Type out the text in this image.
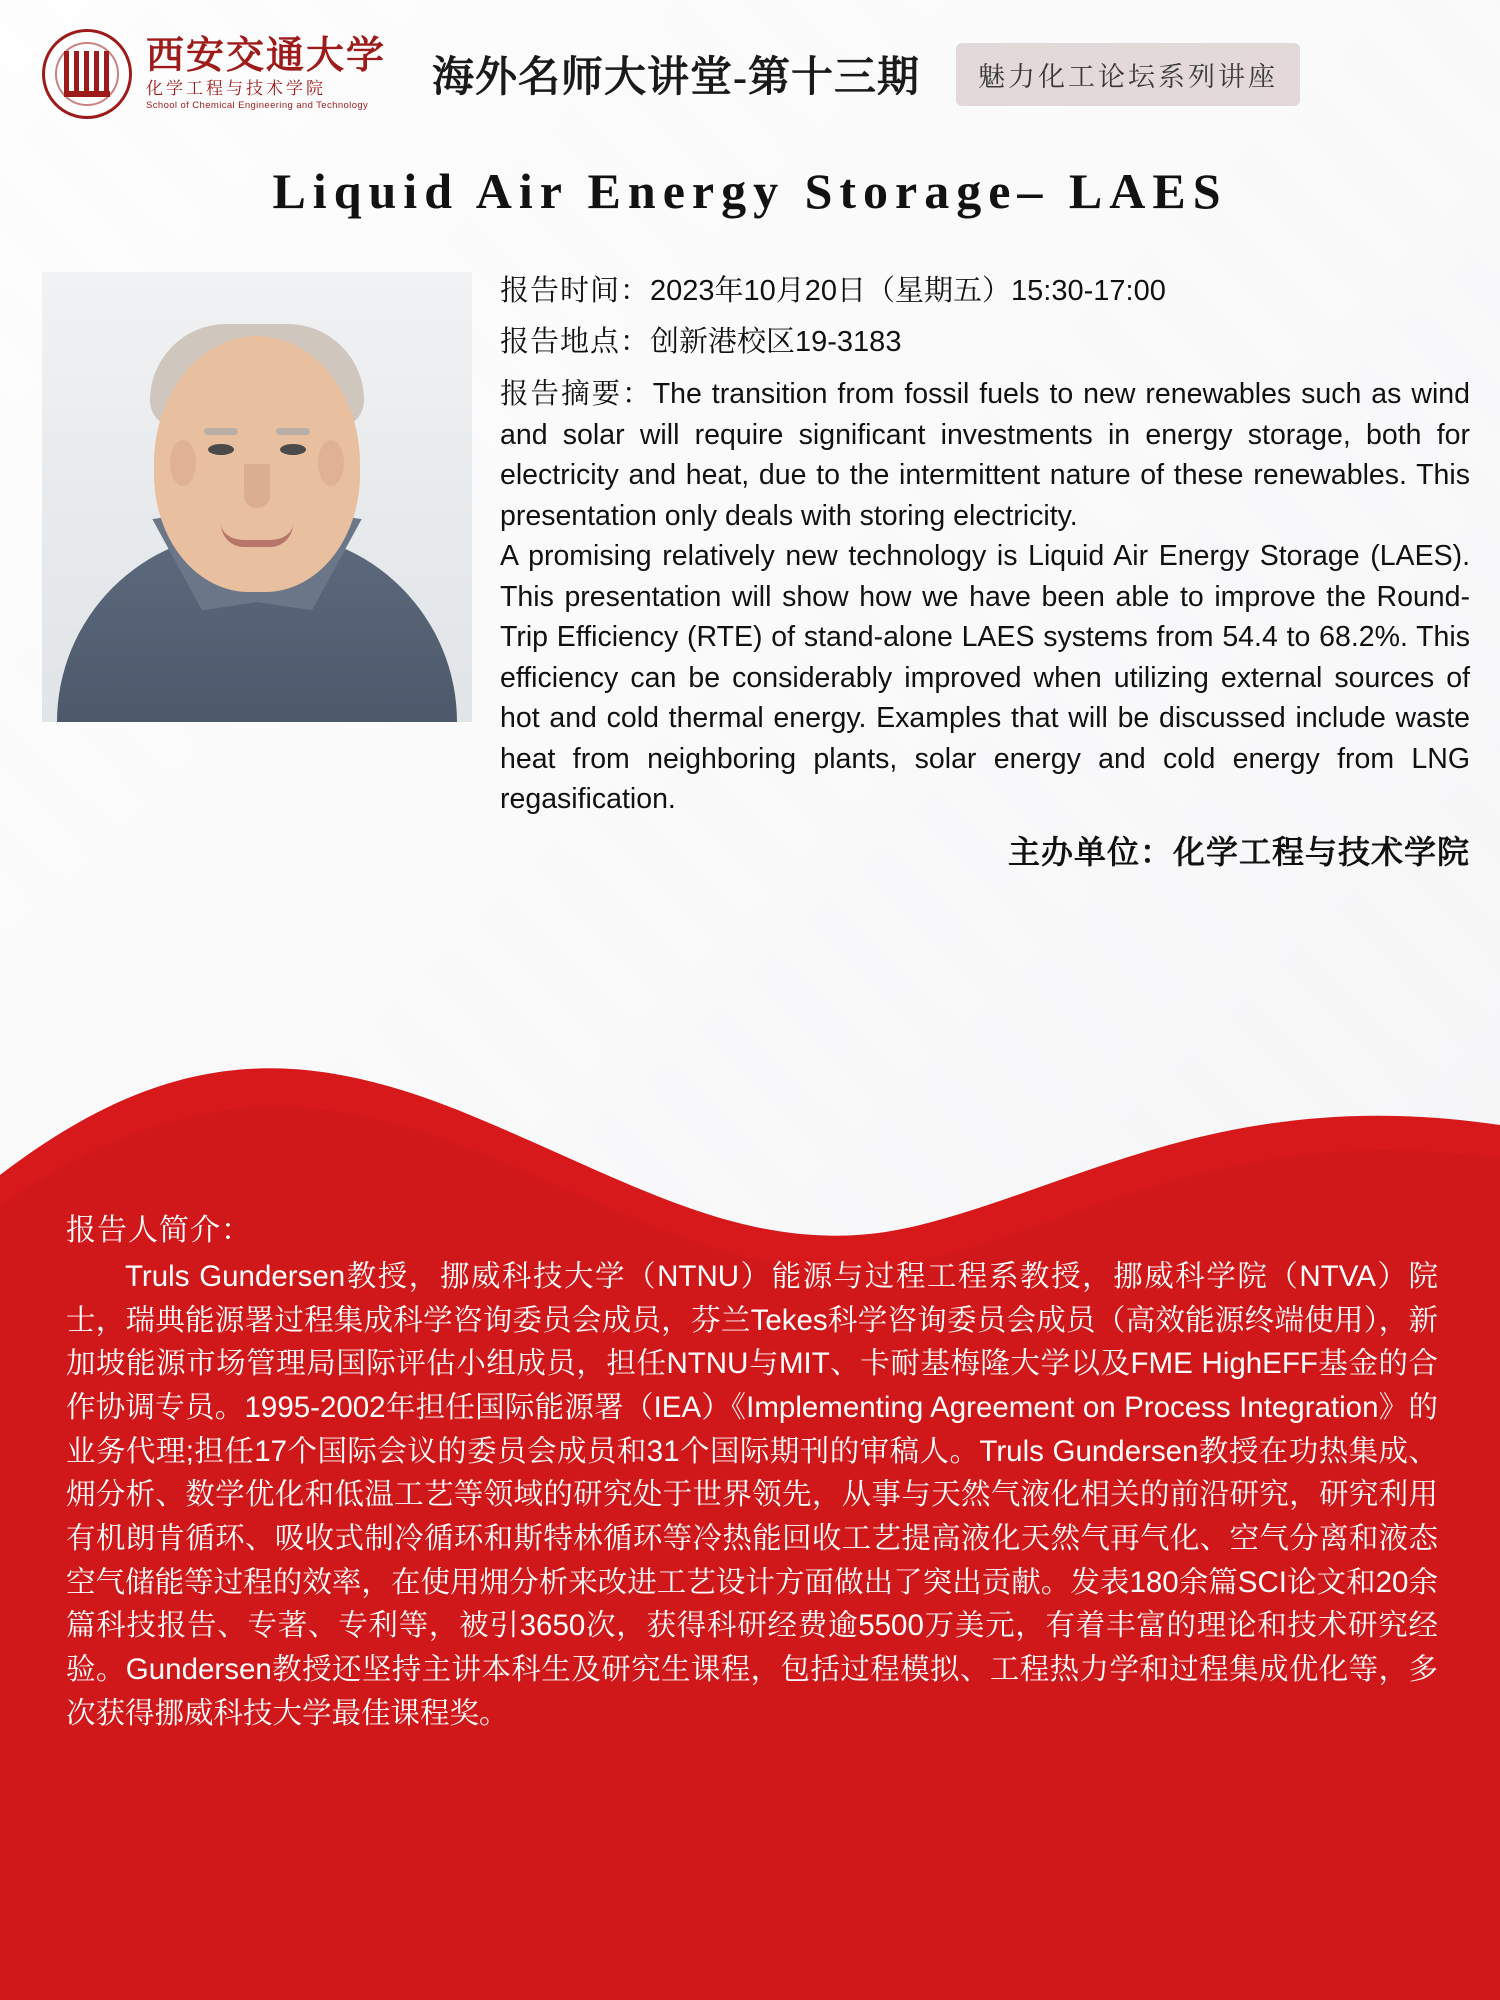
西安交通大学
化学工程与技术学院
School of Chemical Engineering and Technology
海外名师大讲堂-第十三期	魅力化工论坛系列讲座
Liquid Air Energy Storage– LAES
报告时间：2023年10月20日（星期五）15:30-17:00
报告地点：创新港校区19-3183

报告摘要：The transition from fossil fuels to new renewables such as wind and solar will require significant investments in energy storage, both for electricity and heat, due to the intermittent nature of these renewables. This presentation only deals with storing electricity.

A promising relatively new technology is Liquid Air Energy Storage (LAES). This presentation will show how we have been able to improve the Round-Trip Efficiency (RTE) of stand-alone LAES systems from 54.4 to 68.2%. This efficiency can be considerably improved when utilizing external sources of hot and cold thermal energy. Examples that will be discussed include waste heat from neighboring plants, solar energy and cold energy from LNG regasification.

主办单位：化学工程与技术学院
报告人简介：
Truls Gundersen教授，挪威科技大学（NTNU）能源与过程工程系教授，挪威科学院（NTVA）院士，瑞典能源署过程集成科学咨询委员会成员，芬兰Tekes科学咨询委员会成员（高效能源终端使用），新加坡能源市场管理局国际评估小组成员，担任NTNU与MIT、卡耐基梅隆大学以及FME HighEFF基金的合作协调专员。1995-2002年担任国际能源署（IEA）《Implementing Agreement on Process Integration》的业务代理;担任17个国际会议的委员会成员和31个国际期刊的审稿人。Truls Gundersen教授在功热集成、㶲分析、数学优化和低温工艺等领域的研究处于世界领先，从事与天然气液化相关的前沿研究，研究利用有机朗肯循环、吸收式制冷循环和斯特林循环等冷热能回收工艺提高液化天然气再气化、空气分离和液态空气储能等过程的效率，在使用㶲分析来改进工艺设计方面做出了突出贡献。发表180余篇SCI论文和20余篇科技报告、专著、专利等，被引3650次，获得科研经费逾5500万美元，有着丰富的理论和技术研究经验。Gundersen教授还坚持主讲本科生及研究生课程，包括过程模拟、工程热力学和过程集成优化等，多次获得挪威科技大学最佳课程奖。
